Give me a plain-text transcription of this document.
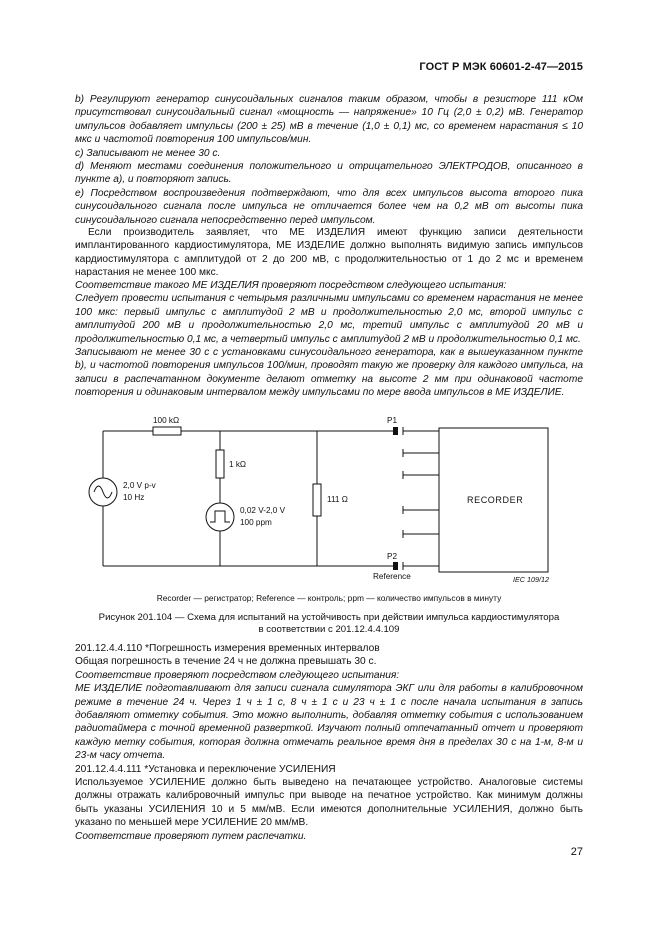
ГОСТ Р МЭК 60601-2-47—2015

b) Регулируют генератор синусоидальных сигналов таким образом, чтобы в резисторе 111 кОм присутствовал синусоидальный сигнал «мощность — напряжение» 10 Гц (2,0 ± 0,2) мВ. Генератор импульсов добавляет импульсы (200 ± 25) мВ в течение (1,0 ± 0,1) мс, со временем нарастания ≤ 10 мкс и частотой повторения 100 импульсов/мин.

c) Записывают не менее 30 с.

d) Меняют местами соединения положительного и отрицательного ЭЛЕКТРОДОВ, описанного в пункте a), и повторяют запись.

e) Посредством воспроизведения подтверждают, что для всех импульсов высота второго пика синусоидального сигнала после импульса не отличается более чем на 0,2 мВ от высоты пика синусоидального сигнала непосредственно перед импульсом.

Если производитель заявляет, что МЕ ИЗДЕЛИЯ имеют функцию записи деятельности имплантированного кардиостимулятора, МЕ ИЗДЕЛИЕ должно выполнять видимую запись импульсов кардиостимулятора с амплитудой от 2 до 200 мВ, с продолжительностью от 1 до 2 мс и временем нарастания не менее 100 мкс.

Соответствие такого МЕ ИЗДЕЛИЯ проверяют посредством следующего испытания:

Следует провести испытания с четырьмя различными импульсами со временем нарастания не менее 100 мкс: первый импульс с амплитудой 2 мВ и продолжительностью 2,0 мс, второй импульс с амплитудой 200 мВ и продолжительностью 2,0 мс, третий импульс с амплитудой 20 мВ и продолжительностью 0,1 мс, а четвертый импульс с амплитудой 2 мВ и продолжительностью 0,1 мс.

Записывают не менее 30 с с установками синусоидального генератора, как в вышеуказанном пункте b), и частотой повторения импульсов 100/мин, проводят такую же проверку для каждого импульса, на записи в распечатанном документе делают отметку на высоте 2 мм при одинаковой частоте повторения и одинаковым интервалом между импульсами по мере ввода импульсов в МЕ ИЗДЕЛИЕ.

100 kΩ
1 kΩ
111 Ω
2,0 V p-v
10 Hz
0,02 V-2,0 V
100 ppm
P1
P2
Reference
RECORDER
IEC 109/12
Recorder — регистратор; Reference — контроль; ppm — количество импульсов в минуту
Рисунок 201.104 — Схема для испытаний на устойчивость при действии импульса кардиостимулятора
в соответствии с 201.12.4.4.109

201.12.4.4.110 *Погрешность измерения временных интервалов

Общая погрешность в течение 24 ч не должна превышать 30 с.

Соответствие проверяют посредством следующего испытания:

МЕ ИЗДЕЛИЕ подготавливают для записи сигнала симулятора ЭКГ или для работы в калибровочном режиме в течение 24 ч. Через 1 ч ± 1 с, 8 ч ± 1 с и 23 ч ± 1 с после начала испытания в запись добавляют отметку события. Это можно выполнить, добавляя отметку события с использованием радиотаймера с точной временной разверткой. Изучают полный отпечатанный отчет и проверяют каждую метку события, которая должна отмечать реальное время дня в пределах 30 с на 1-м, 8-м и 23-м часу отчета.

201.12.4.4.111 *Установка и переключение УСИЛЕНИЯ

Используемое УСИЛЕНИЕ должно быть выведено на печатающее устройство. Аналоговые системы должны отражать калибровочный импульс при выводе на печатное устройство. Как минимум должны быть указаны УСИЛЕНИЯ 10 и 5 мм/мВ. Если имеются дополнительные УСИЛЕНИЯ, должно быть указано по меньшей мере УСИЛЕНИЕ 20 мм/мВ.

Соответствие проверяют путем распечатки.

27
